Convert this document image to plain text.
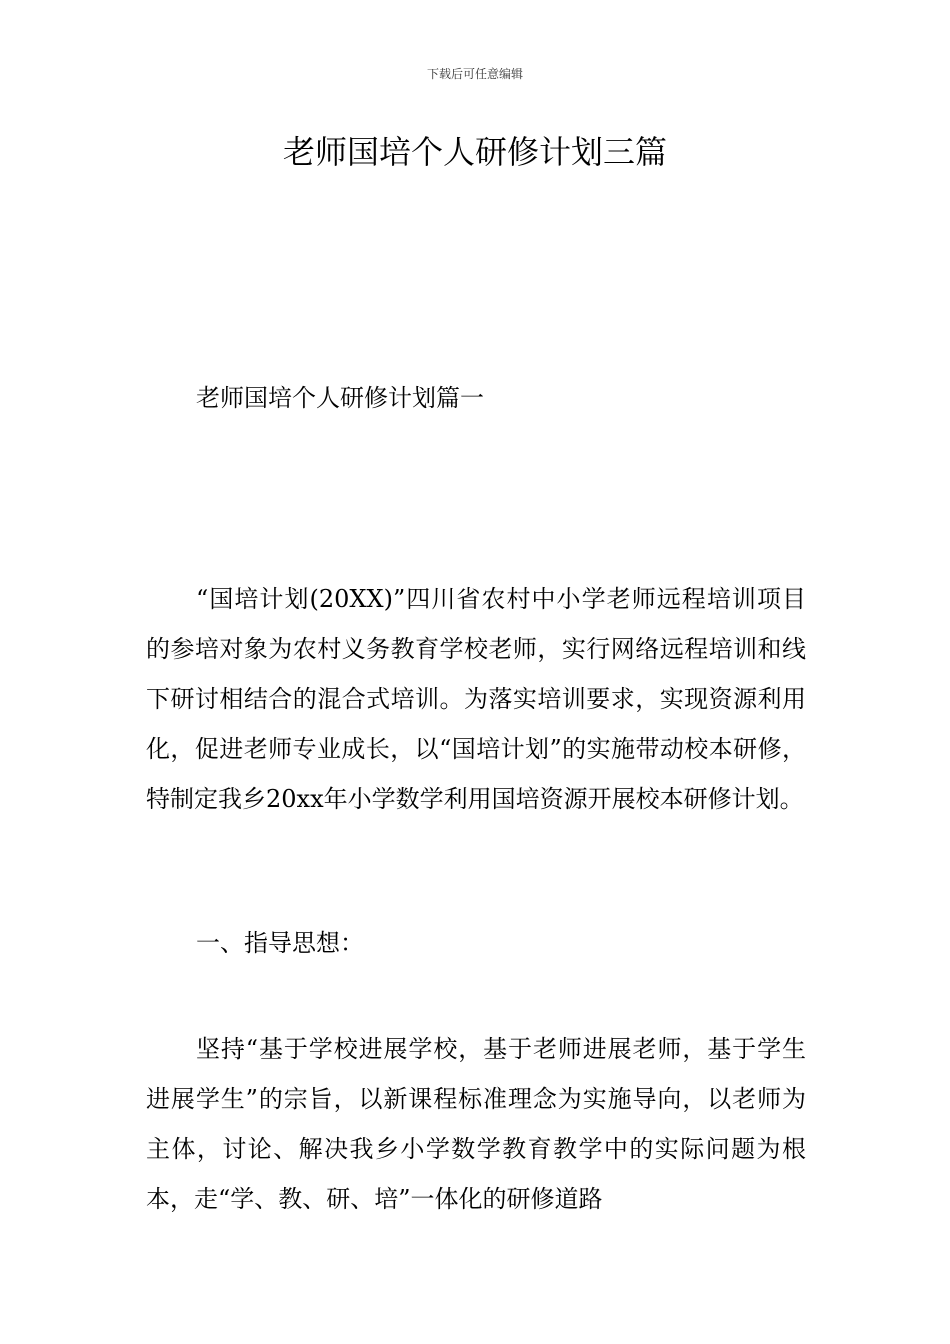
下载后可任意编辑
老师国培个人研修计划三篇
老师国培个人研修计划篇一

“国培计划(20XX)”四川省农村中小学老师远程培训项目的参培对象为农村义务教育学校老师，实行网络远程培训和线下研讨相结合的混合式培训。为落实培训要求，实现资源利用化，促进老师专业成长，以“国培计划”的实施带动校本研修，特制定我乡20xx年小学数学利用国培资源开展校本研修计划。

一、指导思想：

坚持“基于学校进展学校，基于老师进展老师，基于学生进展学生”的宗旨，以新课程标准理念为实施导向，以老师为主体，讨论、解决我乡小学数学教育教学中的实际问题为根本，走“学、教、研、培”一体化的研修道路
